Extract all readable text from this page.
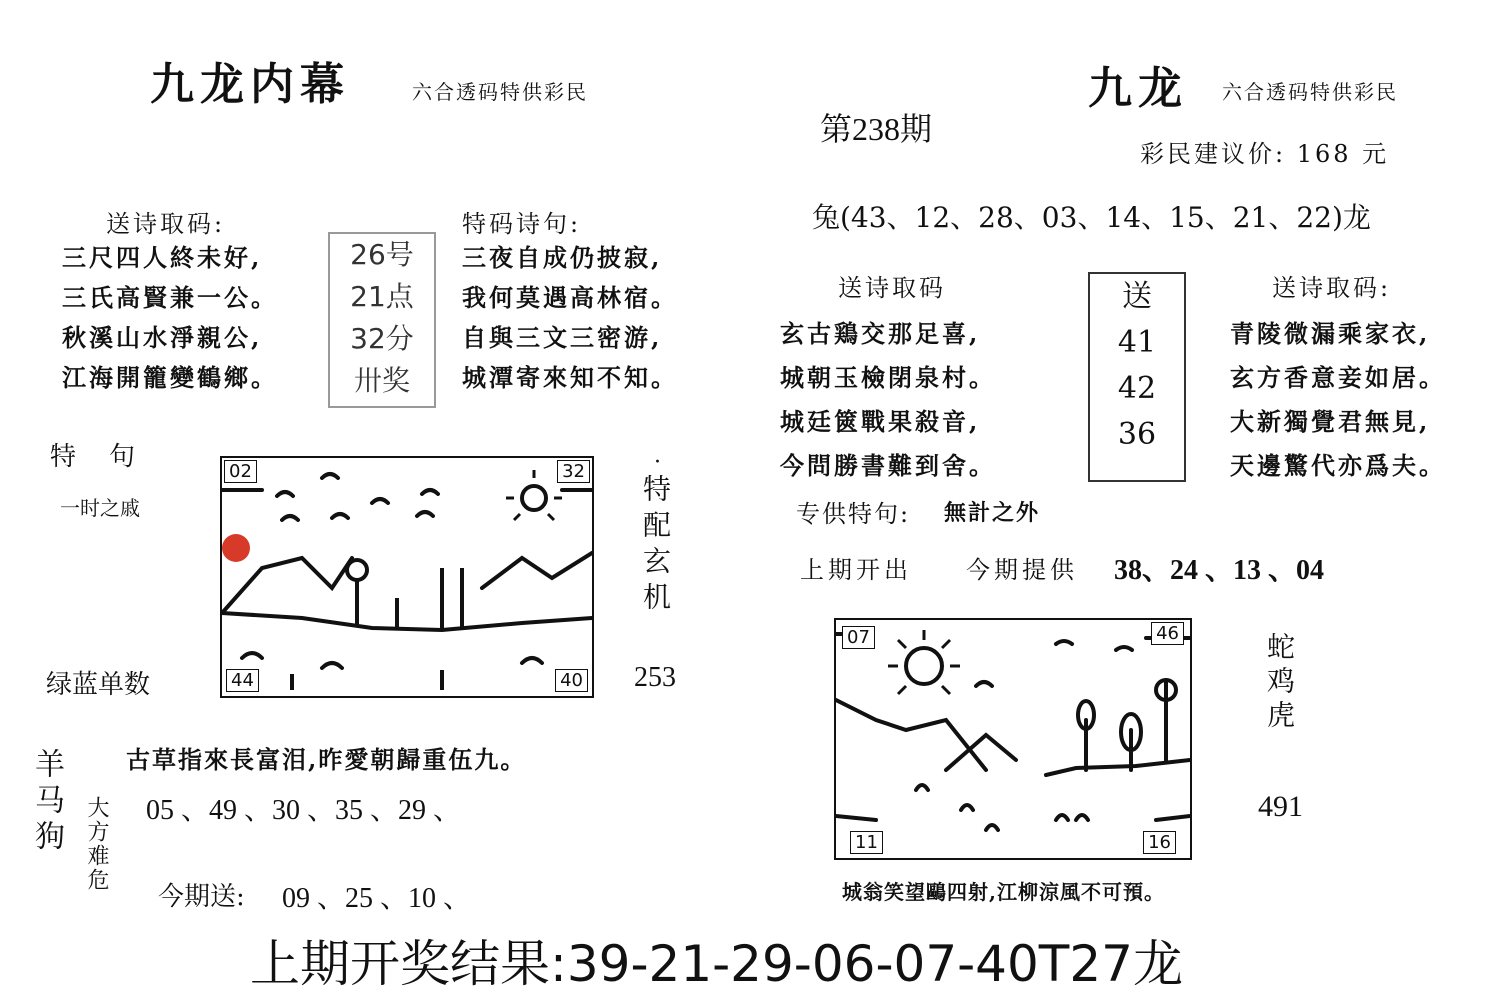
九龙内幕	六合透码特供彩民
送诗取码:
三尺四人終未好,
三氏高賢兼一公。
秋溪山水淨親公,
江海開籠變鶴鄉。
26号
21点
32分
卅奖
特码诗句:
三夜自成仍披寂,
我何莫遇高林宿。
自與三文三密游,
城潭寄來知不知。
特    句
一时之戚
绿蓝单数
02	32
44	40
·
特配玄机
253
羊马狗	古草指來長富泪,昨愛朝歸重伍九。
大方难危 05 、49 、30 、35 、29 、
今期送: 09 、25 、10 、
第238期
上期开奖结果:39-21-29-06-07-40T27龙
九龙 六合透码特供彩民
彩民建议价: 168 元
兔(43、12、28、03、14、15、21、22)龙
送诗取码
玄古鶏交那足喜,
城朝玉檢閉泉村。
城廷篋戰果殺音,
今問勝書難到舍。
送
41
42
36
送诗取码:
青陵微漏乘家衣,
玄方香意妾如居。
大新獨覺君無見,
天邊驚代亦爲夫。
专供特句: 無計之外
上期开出 今期提供 38、24 、13 、04
07	46
11	16
蛇鸡虎
491
城翁笑望鷗四射,江柳涼風不可預。
